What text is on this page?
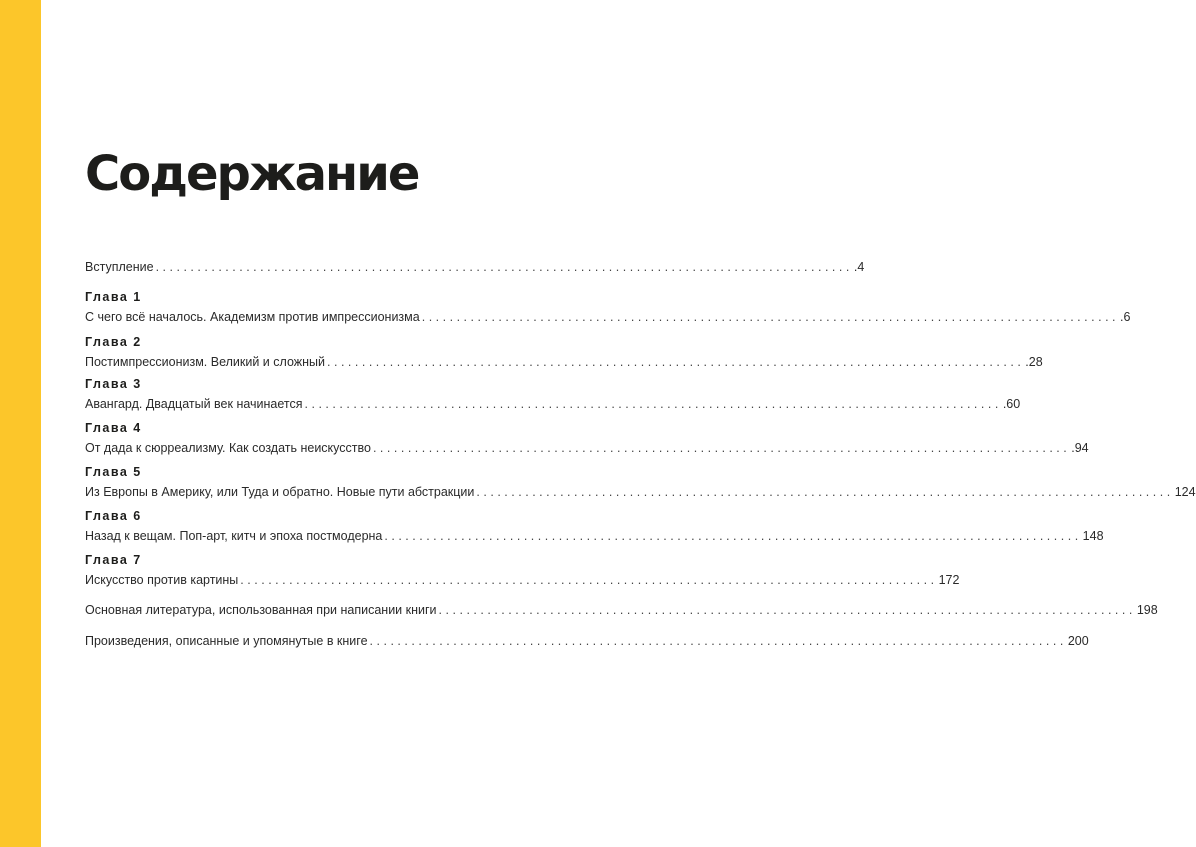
Содержание
Вступление .................................................................................................... .4
Глава 1
С чего всё началось. Академизм против импрессионизма .................................................................................................... .6
Глава 2
Постимпрессионизм. Великий и сложный .................................................................................................... .28
Глава 3
Авангард. Двадцатый век начинается .................................................................................................... .60
Глава 4
От дада к сюрреализму. Как создать неискусство .................................................................................................... .94
Глава 5
Из Европы в Америку, или Туда и обратно. Новые пути абстракции .................................................................................................... 124
Глава 6
Назад к вещам. Поп-арт, китч и эпоха постмодерна .................................................................................................... 148
Глава 7
Искусство против картины .................................................................................................... 172
Основная литература, использованная при написании книги .................................................................................................... 198
Произведения, описанные и упомянутые в книге .................................................................................................... 200
